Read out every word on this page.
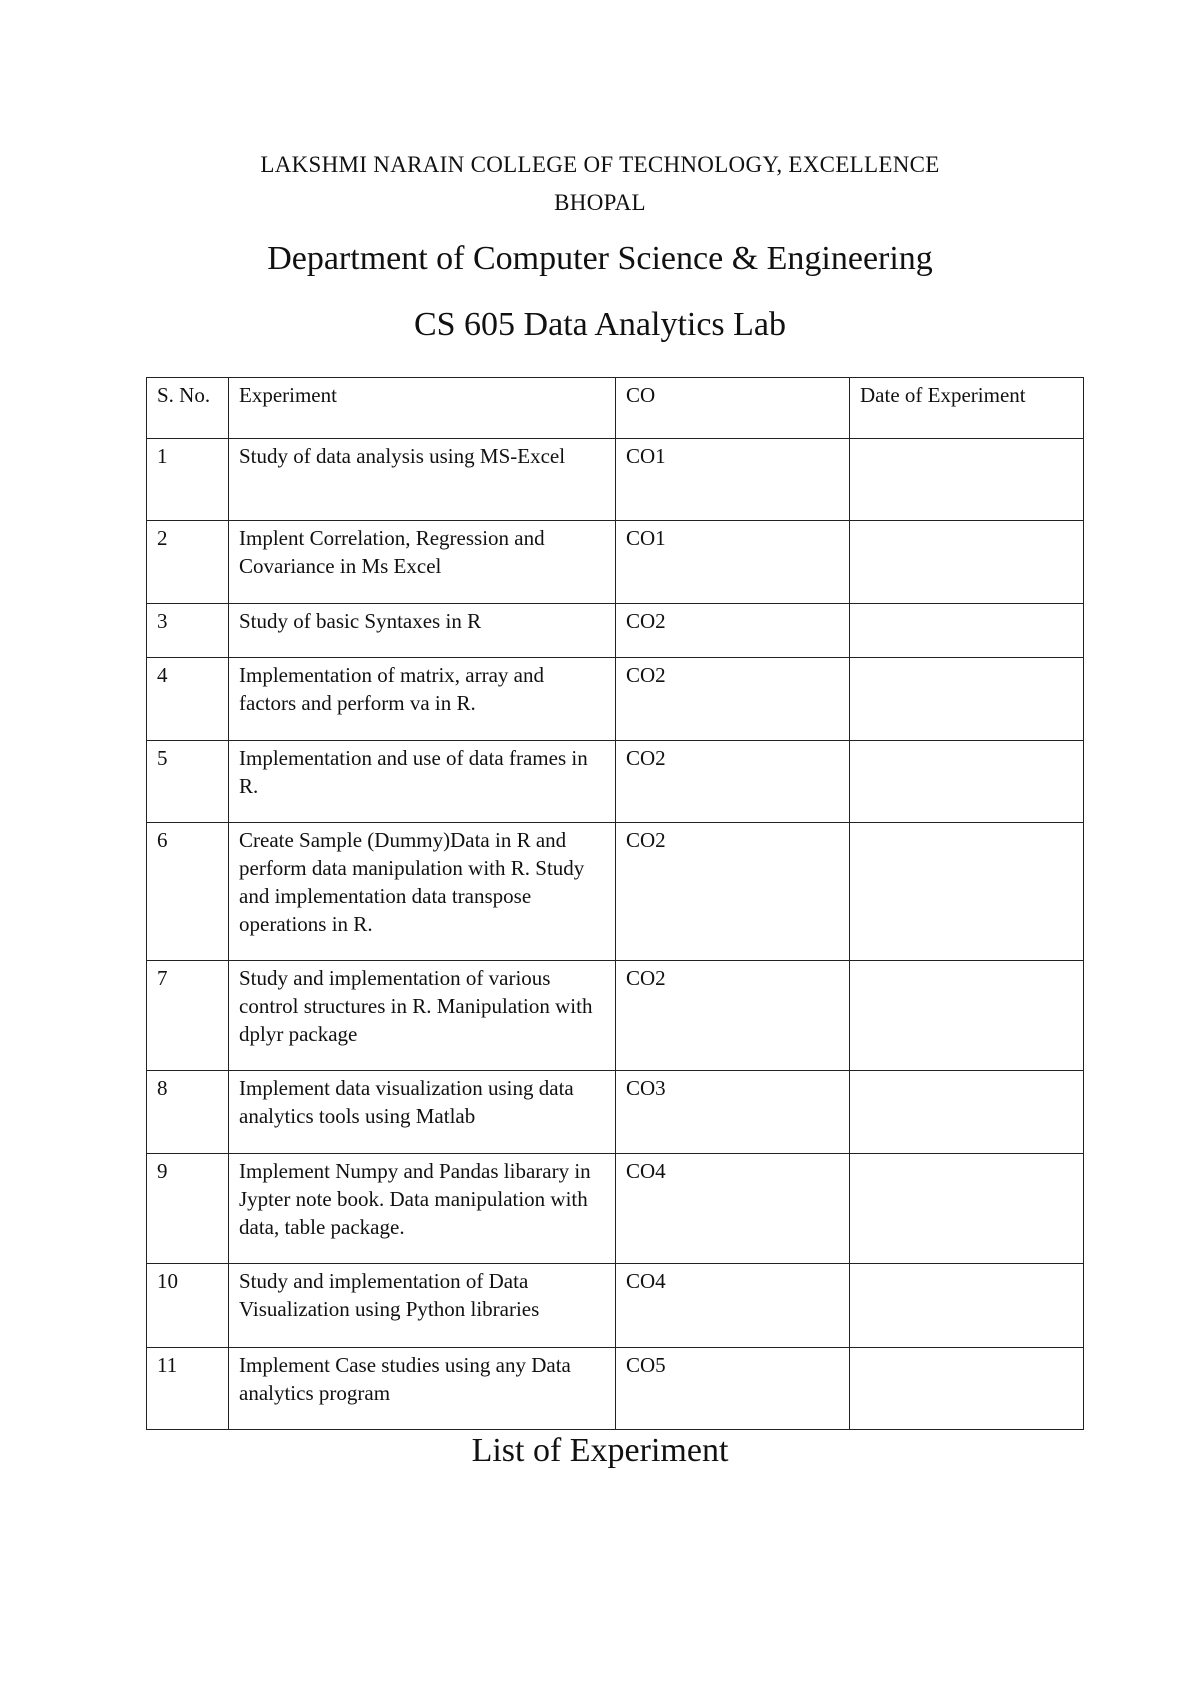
LAKSHMI NARAIN COLLEGE OF TECHNOLOGY, EXCELLENCE
BHOPAL
Department of Computer Science & Engineering
CS 605 Data Analytics Lab
S. No.	Experiment	CO	Date of Experiment
1	Study of data analysis using MS-Excel	CO1	
2	Implent Correlation, Regression and Covariance in Ms Excel	CO1	
3	Study of basic Syntaxes in R	CO2	
4	Implementation of matrix, array and factors and perform va in R.	CO2	
5	Implementation and use of data frames in R.	CO2	
6	Create Sample (Dummy)Data in R and perform data manipulation with R. Study and implementation data transpose operations in R.	CO2	
7	Study and implementation of various control structures in R. Manipulation with dplyr package	CO2	
8	Implement data visualization using data analytics tools using Matlab	CO3	
9	Implement Numpy and Pandas libarary in Jypter note book. Data manipulation with data, table package.	CO4	
10	Study and implementation of Data Visualization using Python libraries	CO4	
11	Implement Case studies using any Data analytics program	CO5	
List of Experiment
